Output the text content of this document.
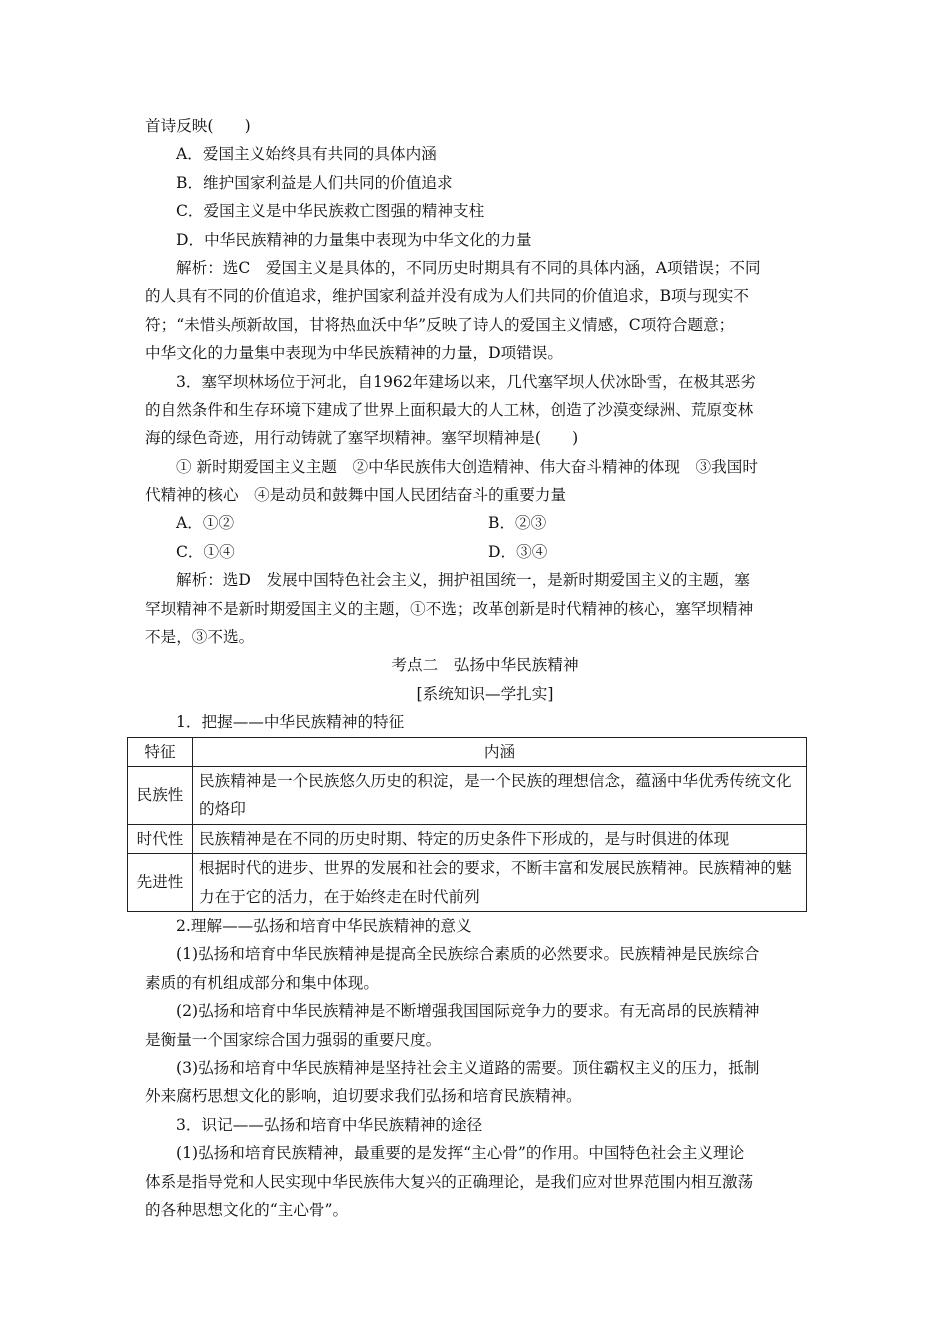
首诗反映(　　)
A．爱国主义始终具有共同的具体内涵
B．维护国家利益是人们共同的价值追求
C．爱国主义是中华民族救亡图强的精神支柱
D．中华民族精神的力量集中表现为中华文化的力量
解析：选C　爱国主义是具体的，不同历史时期具有不同的具体内涵，A项错误；不同
的人具有不同的价值追求，维护国家利益并没有成为人们共同的价值追求，B项与现实不
符；“未惜头颅新故国，甘将热血沃中华”反映了诗人的爱国主义情感，C项符合题意；
中华文化的力量集中表现为中华民族精神的力量，D项错误。
3．塞罕坝林场位于河北，自1962年建场以来，几代塞罕坝人伏冰卧雪，在极其恶劣
的自然条件和生存环境下建成了世界上面积最大的人工林，创造了沙漠变绿洲、荒原变林
海的绿色奇迹，用行动铸就了塞罕坝精神。塞罕坝精神是(　　)
① 新时期爱国主义主题　②中华民族伟大创造精神、伟大奋斗精神的体现　③我国时
代精神的核心　④是动员和鼓舞中国人民团结奋斗的重要力量
A．①②	B．②③
C．①④	D．③④
解析：选D　发展中国特色社会主义，拥护祖国统一，是新时期爱国主义的主题，塞
罕坝精神不是新时期爱国主义的主题，①不选；改革创新是时代精神的核心，塞罕坝精神
不是，③不选。
考点二　弘扬中华民族精神
[系统知识—学扎实]
1．把握——中华民族精神的特征
特征	内涵
民族性	民族精神是一个民族悠久历史的积淀，是一个民族的理想信念，蕴涵中华优秀传统文化的烙印
时代性	民族精神是在不同的历史时期、特定的历史条件下形成的，是与时俱进的体现
先进性	根据时代的进步、世界的发展和社会的要求，不断丰富和发展民族精神。民族精神的魅力在于它的活力，在于始终走在时代前列
2.理解——弘扬和培育中华民族精神的意义
(1)弘扬和培育中华民族精神是提高全民族综合素质的必然要求。民族精神是民族综合
素质的有机组成部分和集中体现。
(2)弘扬和培育中华民族精神是不断增强我国国际竞争力的要求。有无高昂的民族精神
是衡量一个国家综合国力强弱的重要尺度。
(3)弘扬和培育中华民族精神是坚持社会主义道路的需要。顶住霸权主义的压力，抵制
外来腐朽思想文化的影响，迫切要求我们弘扬和培育民族精神。
3．识记——弘扬和培育中华民族精神的途径
(1)弘扬和培育民族精神，最重要的是发挥“主心骨”的作用。中国特色社会主义理论
体系是指导党和人民实现中华民族伟大复兴的正确理论，是我们应对世界范围内相互激荡
的各种思想文化的“主心骨”。
